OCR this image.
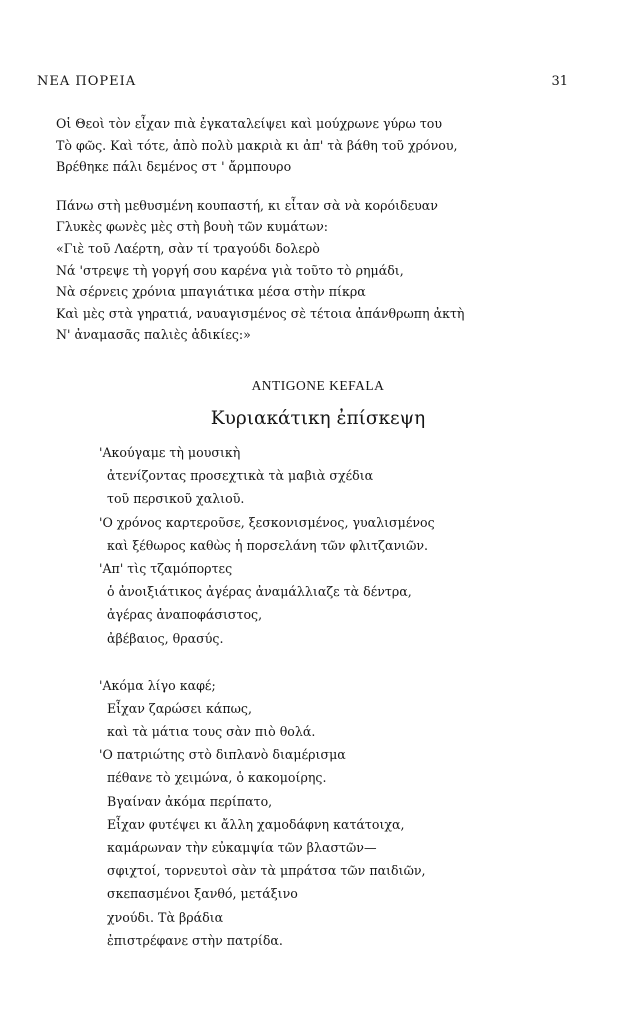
ΝΕΑ ΠΟΡΕΙΑ	31
Οἱ Θεοὶ τὸν εἶχαν πιὰ ἐγκαταλείψει καὶ μούχρωνε γύρω του
Τὸ φῶς. Καὶ τότε, ἀπὸ πολὺ μακριὰ κι ἀπ' τὰ βάθη τοῦ χρόνου,
Βρέθηκε πάλι δεμένος στ ' ἄρμπουρο
Πάνω στὴ μεθυσμένη κουπαστή, κι εἶταν σὰ νὰ κορόιδευαν
Γλυκὲς φωνὲς μὲς στὴ βουὴ τῶν κυμάτων:
«Γιὲ τοῦ Λαέρτη, σὰν τί τραγούδι δολερὸ
Νά 'στρεψε τὴ γοργή σου καρένα γιὰ τοῦτο τὸ ρημάδι,
Νὰ σέρνεις χρόνια μπαγιάτικα μέσα στὴν πίκρα
Καὶ μὲς στὰ γηρατιά, ναυαγισμένος σὲ τέτοια ἀπάνθρωπη ἀκτὴ
Ν' ἀναμασᾶς παλιὲς ἀδικίες:»
ANTIGONE KEFALA
Κυριακάτικη ἐπίσκεψη
'Ακούγαμε τὴ μουσικὴ
ἀτενίζοντας προσεχτικὰ τὰ μαβιὰ σχέδια
τοῦ περσικοῦ χαλιοῦ.
'Ο χρόνος καρτεροῦσε, ξεσκονισμένος, γυαλισμένος
καὶ ξέθωρος καθὼς ἡ πορσελάνη τῶν φλιτζανιῶν.
'Απ' τὶς τζαμόπορτες
ὁ ἀνοιξιάτικος ἀγέρας ἀναμάλλιαζε τὰ δέντρα,
ἀγέρας ἀναποφάσιστος,
ἀβέβαιος, θρασύς.
'Ακόμα λίγο καφέ;
Εἶχαν ζαρώσει κάπως,
καὶ τὰ μάτια τους σὰν πιὸ θολά.
'Ο πατριώτης στὸ διπλανὸ διαμέρισμα
πέθανε τὸ χειμώνα, ὁ κακομοίρης.
Βγαίναν ἀκόμα περίπατο,
Εἶχαν φυτέψει κι ἄλλη χαμοδάφνη κατάτοιχα,
καμάρωναν τὴν εὐκαμψία τῶν βλαστῶν—
σφιχτοί, τορνευτοὶ σὰν τὰ μπράτσα τῶν παιδιῶν,
σκεπασμένοι ξανθό, μετάξινο
χνούδι. Τὰ βράδια
ἐπιστρέφανε στὴν πατρίδα.
